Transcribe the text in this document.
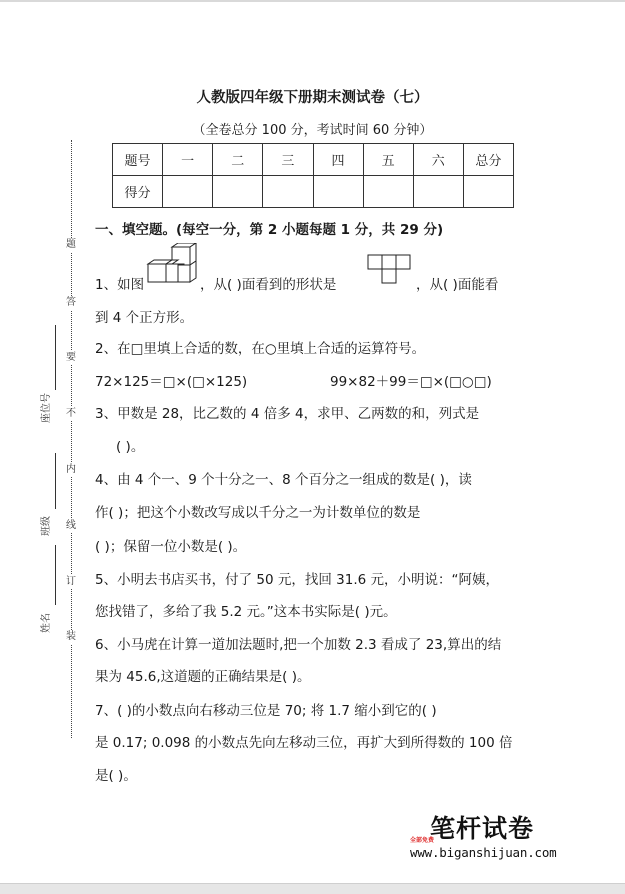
人教版四年级下册期末测试卷（七）
（全卷总分 100 分，考试时间 60 分钟）
题号	一	二	三	四	五	六	总分
得分							
题
答
要
不
内
线
订
装
座位号
班级
姓名
一、填空题。(每空一分，第 2 小题每题 1 分，共 29 分)
1、如图	，从( )面看到的形状是	，从( )面能看
到 4 个正方形。
2、在□里填上合适的数，在○里填上合适的运算符号。
72×125＝□×(□×125)	99×82＋99＝□×(□○□)
3、甲数是 28，比乙数的 4 倍多 4，求甲、乙两数的和，列式是
( )。
4、由 4 个一、9 个十分之一、8 个百分之一组成的数是( )，读
作( )；把这个小数改写成以千分之一为计数单位的数是
( )；保留一位小数是( )。
5、小明去书店买书，付了 50 元，找回 31.6 元，小明说：“阿姨，
您找错了，多给了我 5.2 元。”这本书实际是( )元。
6、小马虎在计算一道加法题时,把一个加数 2.3 看成了 23,算出的结
果为 45.6,这道题的正确结果是( )。
7、( )的小数点向右移动三位是 70; 将 1.7 缩小到它的( )
是 0.17; 0.098 的小数点先向左移动三位，再扩大到所得数的 100 倍
是( )。
笔杆试卷
全部免费
www.biganshijuan.com
